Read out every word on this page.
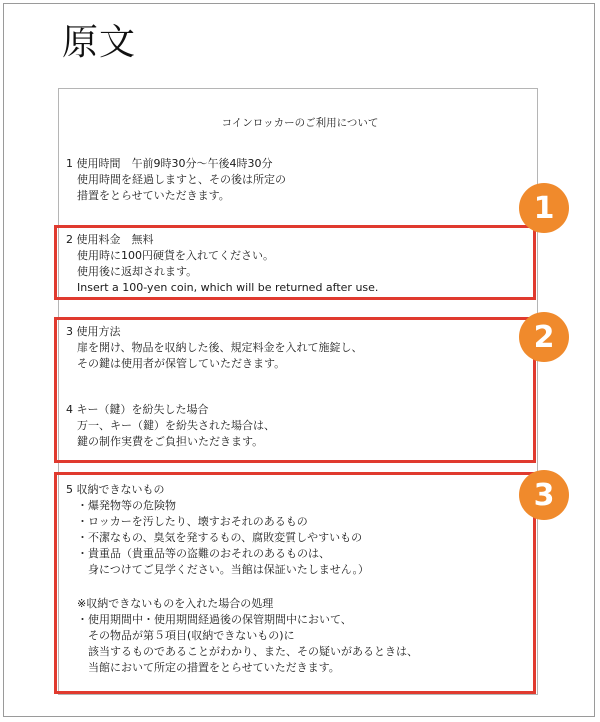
原文
コインロッカーのご利用について
1 使用時間　午前9時30分～午後4時30分
　使用時間を経過しますと、その後は所定の
　措置をとらせていただきます。
2 使用料金　無料
　使用時に100円硬貨を入れてください。
　使用後に返却されます。
　Insert a 100-yen coin, which will be returned after use.
3 使用方法
　扉を開け、物品を収納した後、規定料金を入れて施錠し、
　その鍵は使用者が保管していただきます。
4 キー（鍵）を紛失した場合
　万一、キー（鍵）を紛失された場合は、
　鍵の制作実費をご負担いただきます。
5 収納できないもの
　・爆発物等の危険物
　・ロッカーを汚したり、壊すおそれのあるもの
　・不潔なもの、臭気を発するもの、腐敗変質しやすいもの
　・貴重品（貴重品等の盗難のおそれのあるものは、
　　身につけてご見学ください。当館は保証いたしません。）
　※収納できないものを入れた場合の処理
　・使用期間中・使用期間経過後の保管期間中において、
　　その物品が第５項目(収納できないもの)に
　　該当するものであることがわかり、また、その疑いがあるときは、
　　当館において所定の措置をとらせていただきます。
1
2
3
